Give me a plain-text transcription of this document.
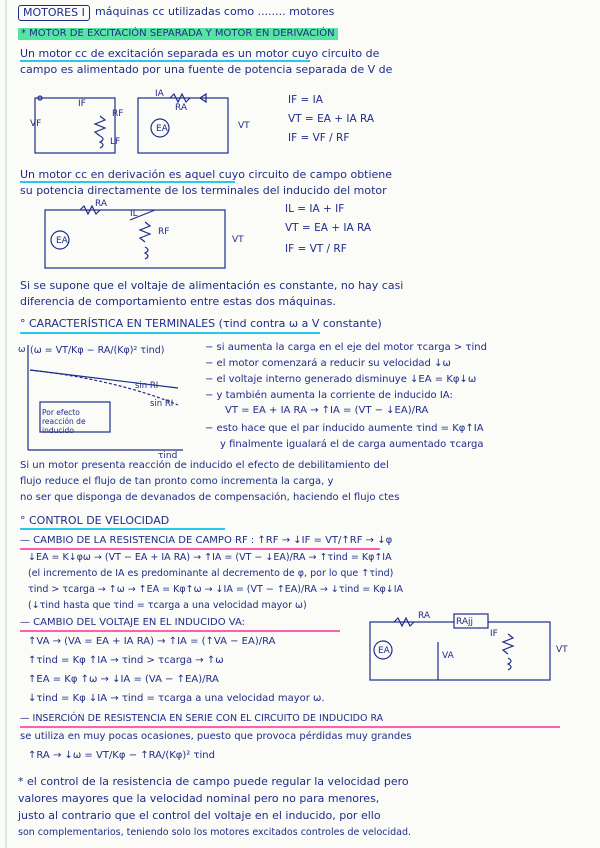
MOTORES I máquinas cc utilizadas como ........ motores
* MOTOR DE EXCITACIÓN SEPARADA Y MOTOR EN DERIVACIÓN
Un motor cc de excitación separada es un motor cuyo circuito de
campo es alimentado por una fuente de potencia separada de V de
VF
IF
RF
LF
EA
RA
VT
IA	IF = IA
VT = EA + IA RA
IF = VF / RF
Un motor cc en derivación es aquel cuyo circuito de campo obtiene
su potencia directamente de los terminales del inducido del motor
EA
RA
RF
IL
VT
IL = IA + IF
VT = EA + IA RA
IF = VT / RF
Si se supone que el voltaje de alimentación es constante, no hay casi
diferencia de comportamiento entre estas dos máquinas.
° CARACTERÍSTICA EN TERMINALES (τind contra ω a V constante)
ω
τind
(ω = VT/Kφ − RA/(Kφ)² τind)
sin RI
sin RI
Por efecto reacción de inducido
− si aumenta la carga en el eje del motor τcarga > τind
− el motor comenzará a reducir su velocidad ↓ω
− el voltaje interno generado disminuye ↓EA = Kφ↓ω
− y también aumenta la corriente de inducido IA:
VT = EA + IA RA → ↑IA = (VT − ↓EA)/RA
− esto hace que el par inducido aumente τind = Kφ↑IA
y finalmente igualará el de carga aumentado τcarga
Si un motor presenta reacción de inducido el efecto de debilitamiento del
flujo reduce el flujo de tan pronto como incrementa la carga, y
no ser que disponga de devanados de compensación, haciendo el flujo ctes
° CONTROL DE VELOCIDAD
— CAMBIO DE LA RESISTENCIA DE CAMPO RF : ↑RF → ↓IF = VT/↑RF → ↓φ
↓EA = K↓φω → (VT − EA + IA RA) → ↑IA = (VT − ↓EA)/RA → ↑τind = Kφ↑IA
(el incremento de IA es predominante al decremento de φ, por lo que ↑τind)
τind > τcarga → ↑ω → ↑EA = Kφ↑ω → ↓IA = (VT − ↑EA)/RA → ↓τind = Kφ↓IA
(↓τind hasta que τind = τcarga a una velocidad mayor ω)
— CAMBIO DEL VOLTAJE EN EL INDUCIDO VA:
↑VA → (VA = EA + IA RA) → ↑IA = (↑VA − EA)/RA
↑τind = Kφ ↑IA → τind > τcarga → ↑ω
↑EA = Kφ ↑ω → ↓IA = (VA − ↑EA)/RA
↓τind = Kφ ↓IA → τind = τcarga a una velocidad mayor ω.
RAjj
EA
RA
VA
VT
IF
— INSERCIÓN DE RESISTENCIA EN SERIE CON EL CIRCUITO DE INDUCIDO RA
se utiliza en muy pocas ocasiones, puesto que provoca pérdidas muy grandes
↑RA → ↓ω = VT/Kφ − ↑RA/(Kφ)² τind
* el control de la resistencia de campo puede regular la velocidad pero
valores mayores que la velocidad nominal pero no para menores,
justo al contrario que el control del voltaje en el inducido, por ello
son complementarios, teniendo solo los motores excitados controles de velocidad.
